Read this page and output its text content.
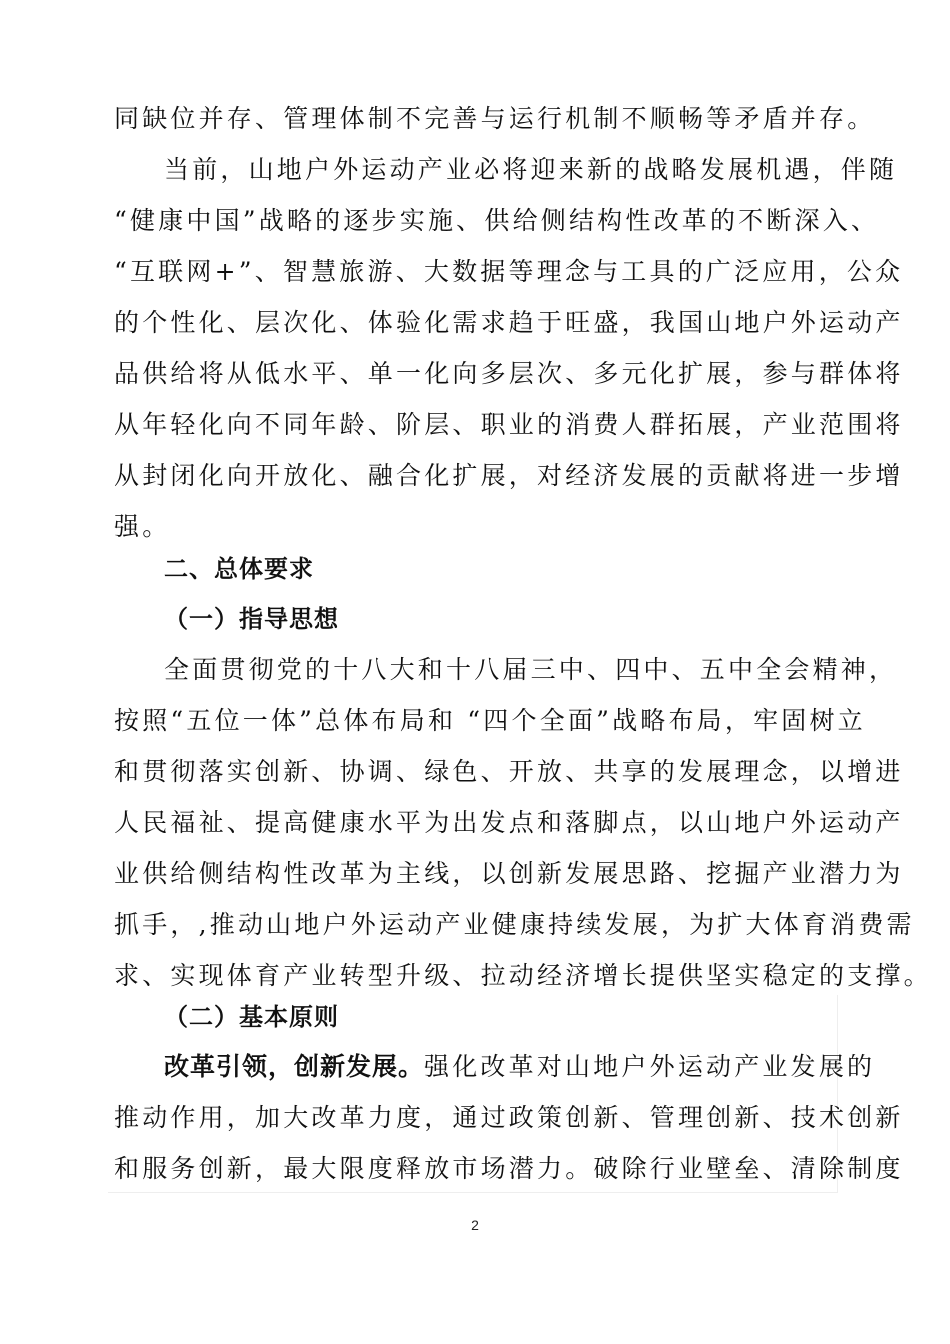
同缺位并存、管理体制不完善与运行机制不顺畅等矛盾并存。
当前，山地户外运动产业必将迎来新的战略发展机遇，伴随
“健康中国”战略的逐步实施、供给侧结构性改革的不断深入、
“互联网+”、智慧旅游、大数据等理念与工具的广泛应用，公众
的个性化、层次化、体验化需求趋于旺盛，我国山地户外运动产
品供给将从低水平、单一化向多层次、多元化扩展，参与群体将
从年轻化向不同年龄、阶层、职业的消费人群拓展，产业范围将
从封闭化向开放化、融合化扩展，对经济发展的贡献将进一步增
强。
二、总体要求
（一）指导思想
全面贯彻党的十八大和十八届三中、四中、五中全会精神，
按照“五位一体”总体布局和 “四个全面”战略布局，牢固树立
和贯彻落实创新、协调、绿色、开放、共享的发展理念，以增进
人民福祉、提高健康水平为出发点和落脚点，以山地户外运动产
业供给侧结构性改革为主线，以创新发展思路、挖掘产业潜力为
抓手，,推动山地户外运动产业健康持续发展，为扩大体育消费需
求、实现体育产业转型升级、拉动经济增长提供坚实稳定的支撑。
（二）基本原则
改革引领，创新发展。强化改革对山地户外运动产业发展的
推动作用，加大改革力度，通过政策创新、管理创新、技术创新
和服务创新，最大限度释放市场潜力。破除行业壁垒、清除制度
2
